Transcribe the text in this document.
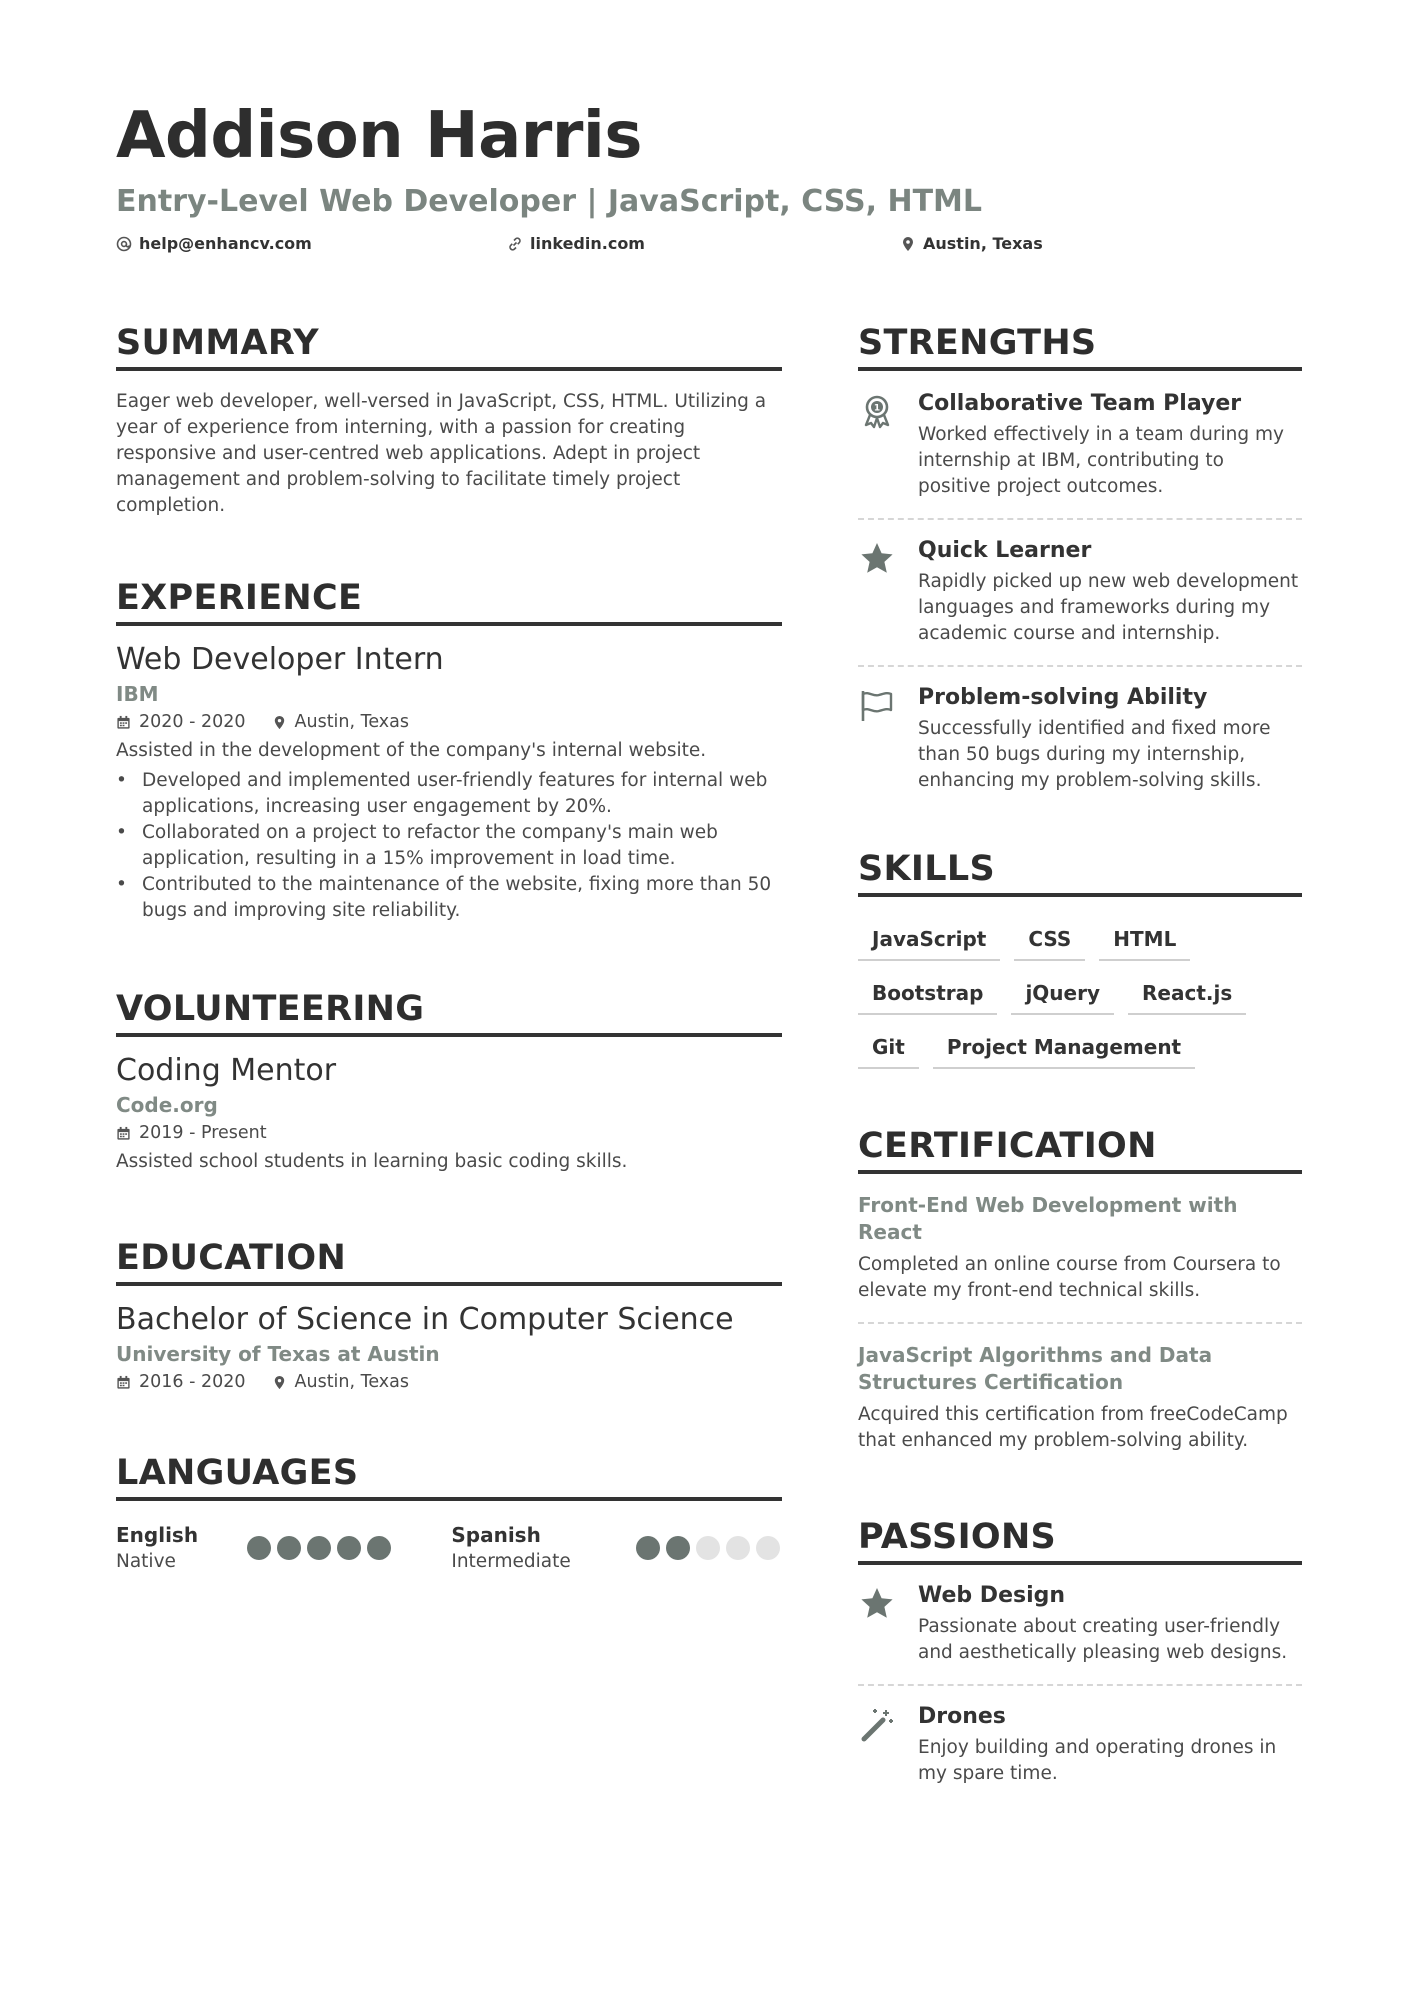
Addison Harris
Entry-Level Web Developer | JavaScript, CSS, HTML
help@enhancv.com	linkedin.com	Austin, Texas
SUMMARY

Eager web developer, well-versed in JavaScript, CSS, HTML. Utilizing a year of experience from interning, with a passion for creating responsive and user-centred web applications. Adept in project management and problem-solving to facilitate timely project completion.

EXPERIENCE
Web Developer Intern
IBM
2020 - 2020	Austin, Texas

Assisted in the development of the company's internal website.

• Developed and implemented user-friendly features for internal web applications, increasing user engagement by 20%.
• Collaborated on a project to refactor the company's main web application, resulting in a 15% improvement in load time.
• Contributed to the maintenance of the website, fixing more than 50 bugs and improving site reliability.
VOLUNTEERING
Coding Mentor
Code.org
2019 - Present

Assisted school students in learning basic coding skills.

EDUCATION
Bachelor of Science in Computer Science
University of Texas at Austin
2016 - 2020	Austin, Texas
LANGUAGES
English
Native
Spanish
Intermediate
STRENGTHS
1 Collaborative Team Player

Worked effectively in a team during my internship at IBM, contributing to positive project outcomes.

Quick Learner

Rapidly picked up new web development languages and frameworks during my academic course and internship.

Problem-solving Ability

Successfully identified and fixed more than 50 bugs during my internship, enhancing my problem-solving skills.

SKILLS
JavaScript	CSS	HTML
Bootstrap	jQuery	React.js
Git	Project Management
CERTIFICATION

Front-End Web Development with React

Completed an online course from Coursera to elevate my front-end technical skills.

JavaScript Algorithms and Data Structures Certification

Acquired this certification from freeCodeCamp that enhanced my problem-solving ability.

PASSIONS

Web Design

Passionate about creating user-friendly and aesthetically pleasing web designs.

Drones

Enjoy building and operating drones in my spare time.
